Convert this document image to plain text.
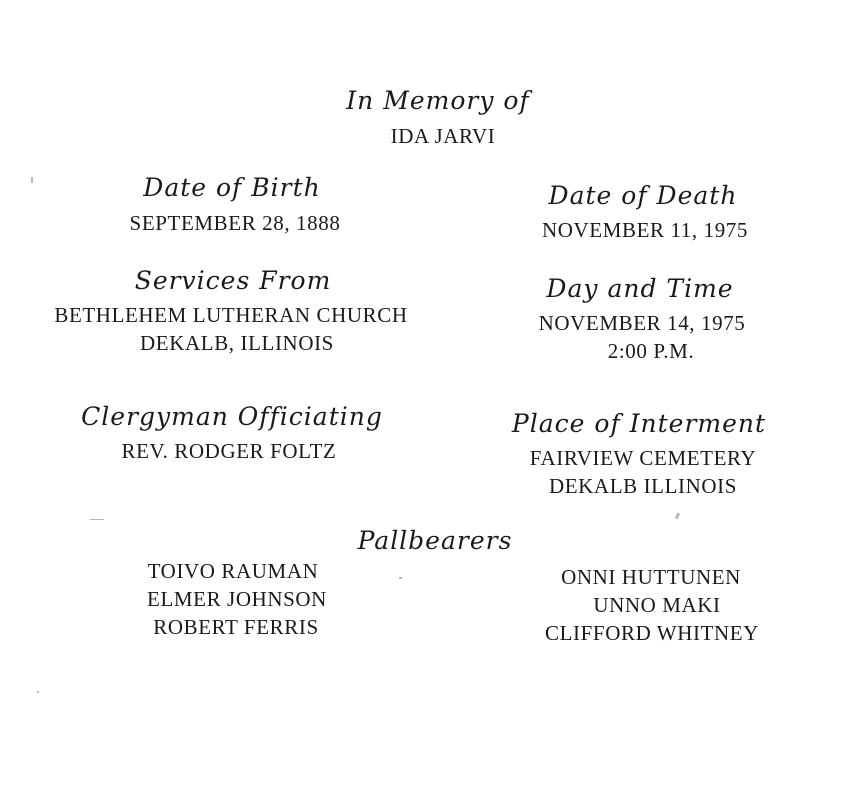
In Memory of
IDA JARVI
Date of Birth
SEPTEMBER 28, 1888
Date of Death
NOVEMBER 11, 1975
Services From
BETHLEHEM LUTHERAN CHURCH
DEKALB, ILLINOIS
Day and Time
NOVEMBER 14, 1975
2:00 P.M.
Clergyman Officiating
REV. RODGER FOLTZ
Place of Interment
FAIRVIEW CEMETERY
DEKALB ILLINOIS
Pallbearers
TOIVO RAUMAN
ELMER JOHNSON
ROBERT FERRIS
ONNI HUTTUNEN
UNNO MAKI
CLIFFORD WHITNEY
